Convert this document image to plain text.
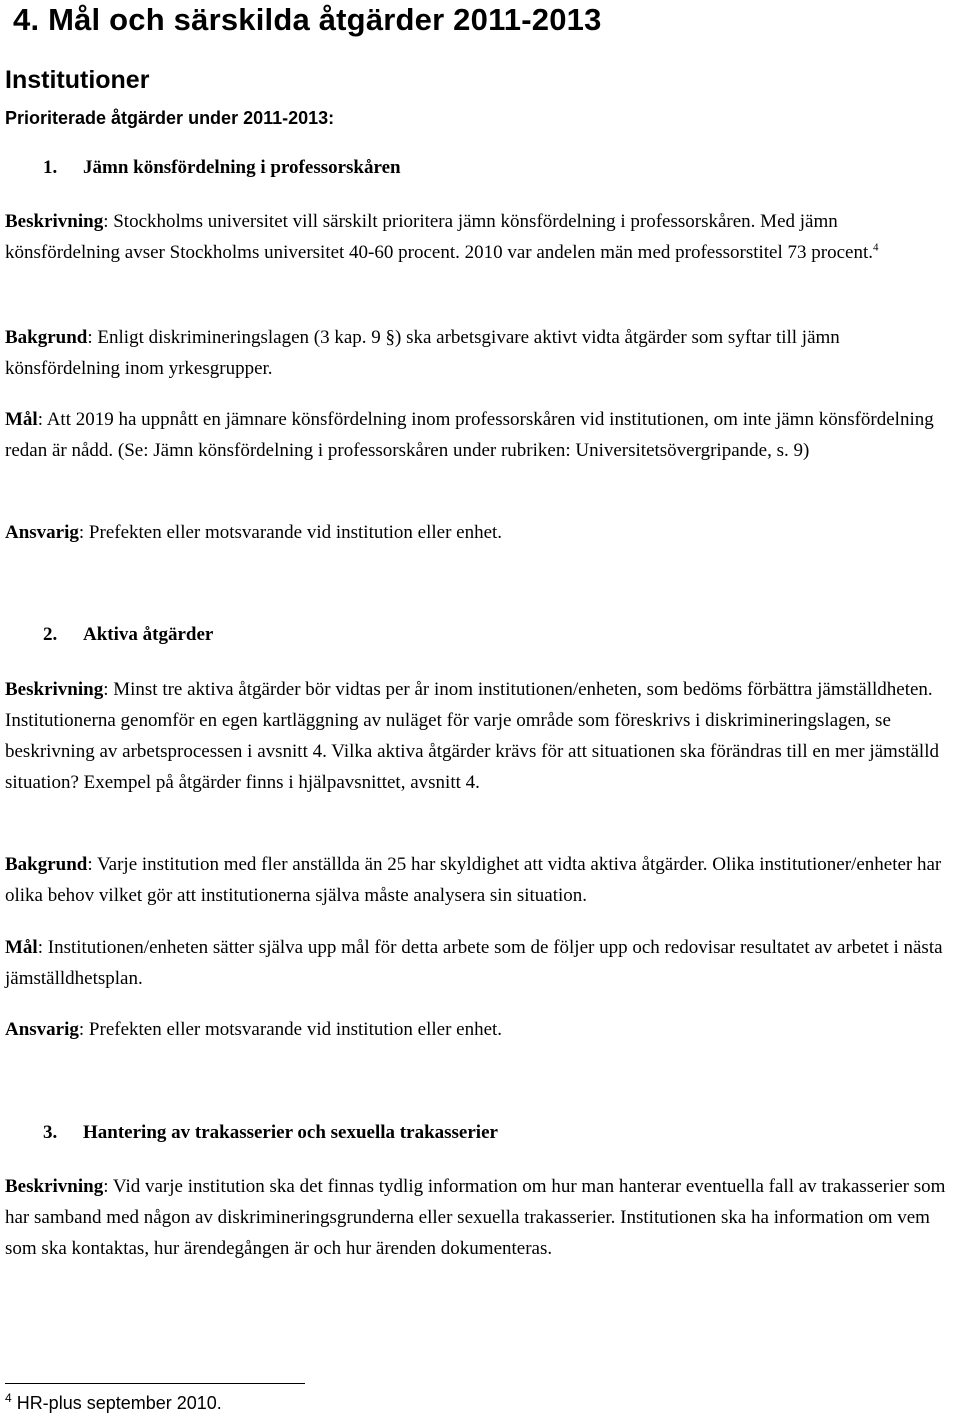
4. Mål och särskilda åtgärder 2011-2013
Institutioner
Prioriterade åtgärder under 2011-2013:
1. Jämn könsfördelning i professorskåren
Beskrivning: Stockholms universitet vill särskilt prioritera jämn könsfördelning i professorskåren. Med jämn könsfördelning avser Stockholms universitet 40-60 procent. 2010 var andelen män med professorstitel 73 procent.$^4$
Bakgrund: Enligt diskrimineringslagen (3 kap. 9 §) ska arbetsgivare aktivt vidta åtgärder som syftar till jämn könsfördelning inom yrkesgrupper.
Mål: Att 2019 ha uppnått en jämnare könsfördelning inom professorskåren vid institutionen, om inte jämn könsfördelning redan är nådd. (Se: Jämn könsfördelning i professorskåren under rubriken: Universitetsövergripande, s. 9)
Ansvarig: Prefekten eller motsvarande vid institution eller enhet.
2. Aktiva åtgärder
Beskrivning: Minst tre aktiva åtgärder bör vidtas per år inom institutionen/enheten, som bedöms förbättra jämställdheten. Institutionerna genomför en egen kartläggning av nuläget för varje område som föreskrivs i diskrimineringslagen, se beskrivning av arbetsprocessen i avsnitt 4. Vilka aktiva åtgärder krävs för att situationen ska förändras till en mer jämställd situation? Exempel på åtgärder finns i hjälpavsnittet, avsnitt 4.
Bakgrund: Varje institution med fler anställda än 25 har skyldighet att vidta aktiva åtgärder. Olika institutioner/enheter har olika behov vilket gör att institutionerna själva måste analysera sin situation.
Mål: Institutionen/enheten sätter själva upp mål för detta arbete som de följer upp och redovisar resultatet av arbetet i nästa jämställdhetsplan.
Ansvarig: Prefekten eller motsvarande vid institution eller enhet.
3. Hantering av trakasserier och sexuella trakasserier
Beskrivning: Vid varje institution ska det finnas tydlig information om hur man hanterar eventuella fall av trakasserier som har samband med någon av diskrimineringsgrunderna eller sexuella trakasserier. Institutionen ska ha information om vem som ska kontaktas, hur ärendegången är och hur ärenden dokumenteras.
$^4$ HR-plus september 2010.
